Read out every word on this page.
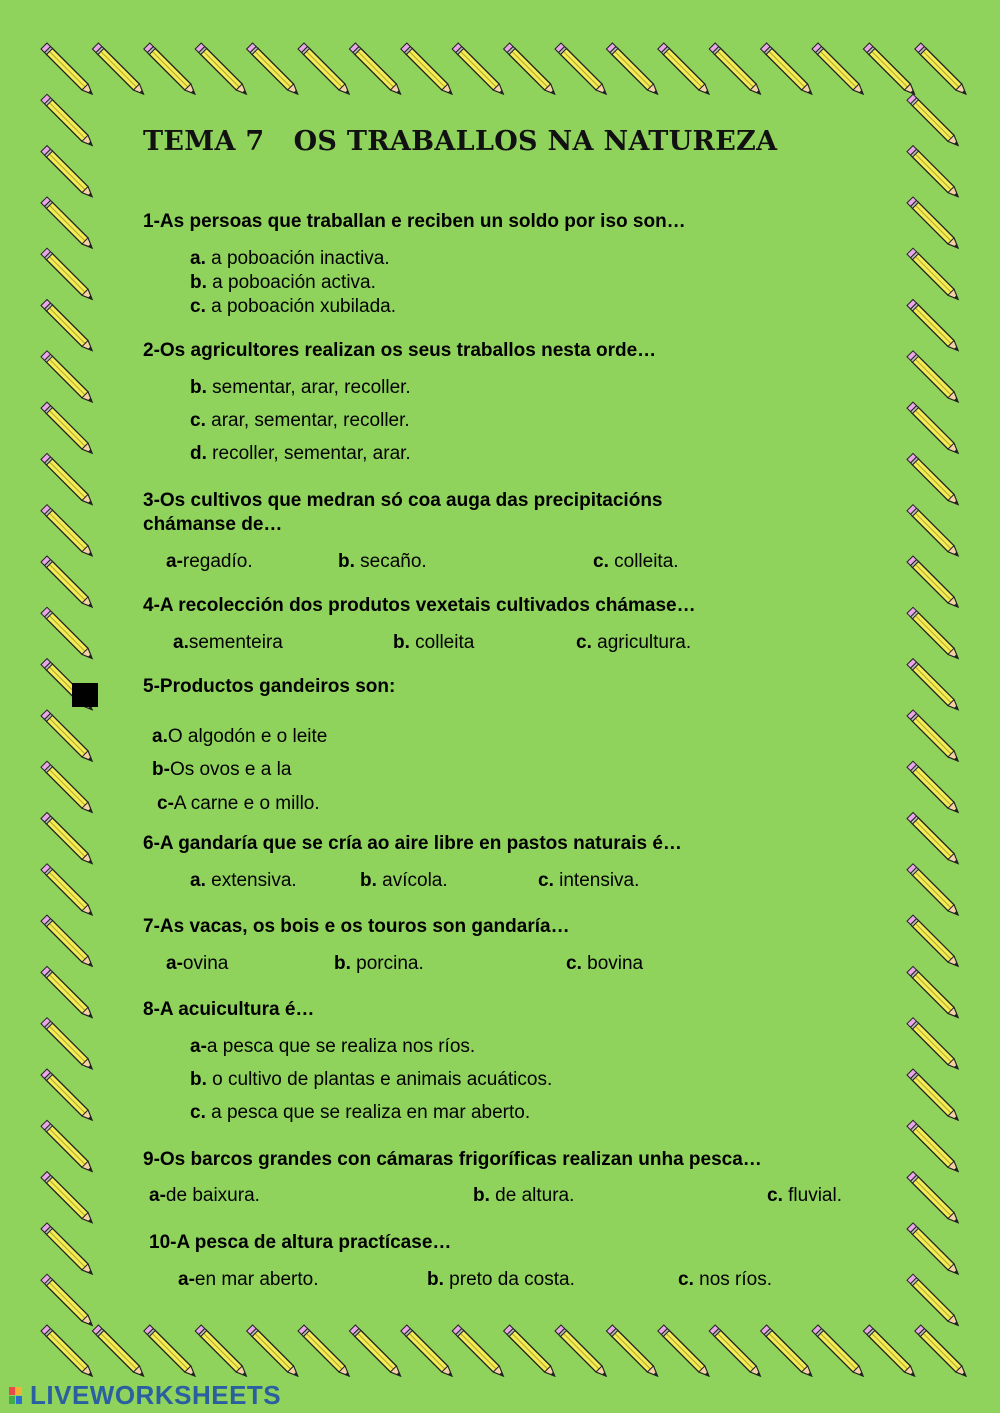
TEMA 7   OS TRABALLOS NA NATUREZA
1-As persoas que traballan e reciben un soldo por iso son…
a. a poboación inactiva.
b. a poboación activa.
c. a poboación xubilada.
2-Os agricultores realizan os seus traballos nesta orde…
b. sementar, arar, recoller.
c. arar, sementar, recoller.
d. recoller, sementar, arar.
3-Os cultivos que medran só coa auga das precipitacións chámanse de…
a-regadío.	b. secaño.	c. colleita.
4-A recolección dos produtos vexetais cultivados chámase…
a.sementeira	b. colleita	c. agricultura.
5-Productos gandeiros son:
a.O algodón e o leite
b-Os ovos e a la
c-A carne e o millo.
6-A gandaría que se cría ao aire libre en pastos naturais é…
a. extensiva.	b. avícola.	c. intensiva.
7-As vacas, os bois e os touros son gandaría…
a-ovina	b. porcina.	c. bovina
8-A acuicultura é…
a-a pesca que se realiza nos ríos.
b. o cultivo de plantas e animais acuáticos.
c. a pesca que se realiza en mar aberto.
9-Os barcos grandes con cámaras frigoríficas realizan unha pesca…
a-de baixura.	b. de altura.	c. fluvial.
10-A pesca de altura practícase…
a-en mar aberto.	b. preto da costa.	c. nos ríos.
LIVEWORKSHEETS
